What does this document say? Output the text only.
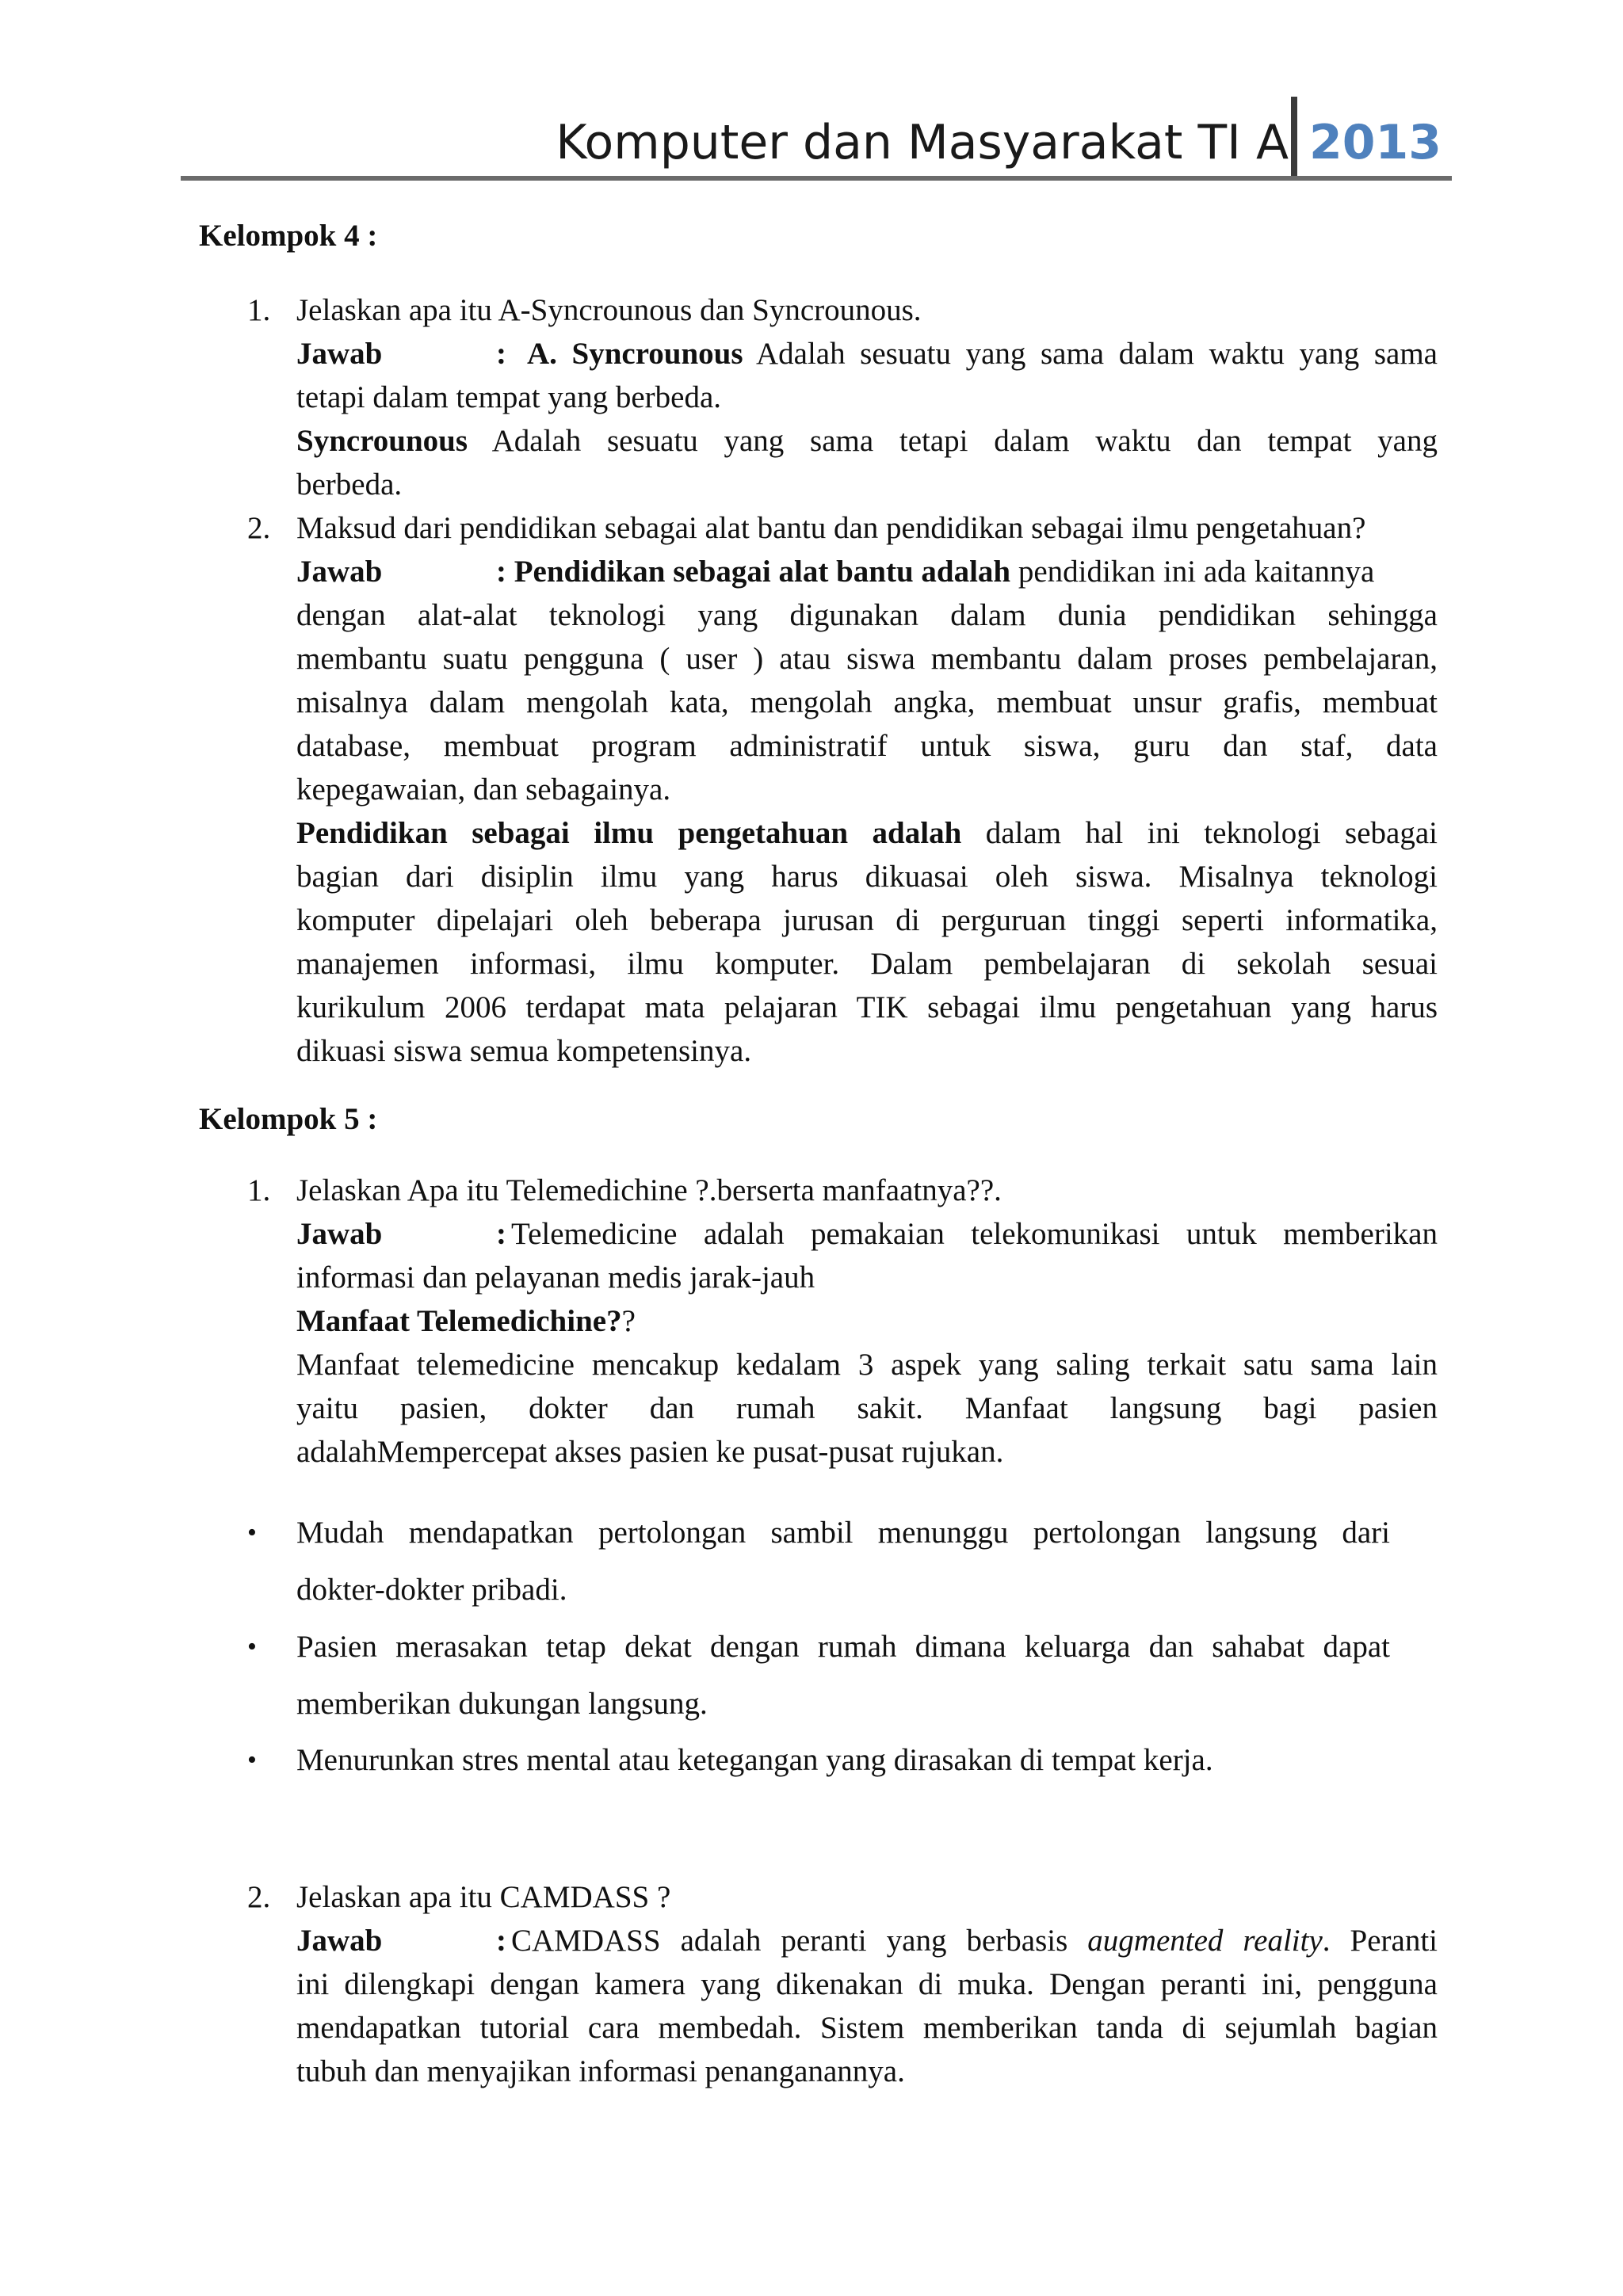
Komputer dan Masyarakat TI A 2013
Kelompok 4 :
1. Jelaskan apa itu A-Syncrounous dan Syncrounous.
Jawab	: A. Syncrounous Adalah sesuatu yang sama dalam waktu yang sama
tetapi dalam tempat yang berbeda.
Syncrounous Adalah sesuatu yang sama tetapi dalam waktu dan tempat yang
berbeda.
2. Maksud dari pendidikan sebagai alat bantu dan pendidikan sebagai ilmu pengetahuan?
Jawab	: Pendidikan sebagai alat bantu adalah pendidikan ini ada kaitannya
dengan alat-alat teknologi yang digunakan dalam dunia pendidikan sehingga
membantu suatu pengguna ( user ) atau siswa membantu dalam proses pembelajaran,
misalnya dalam mengolah kata, mengolah angka, membuat unsur grafis, membuat
database, membuat program administratif untuk siswa, guru dan staf, data
kepegawaian, dan sebagainya.
Pendidikan sebagai ilmu pengetahuan adalah dalam hal ini teknologi sebagai
bagian dari disiplin ilmu yang harus dikuasai oleh siswa. Misalnya teknologi
komputer dipelajari oleh beberapa jurusan di perguruan tinggi seperti informatika,
manajemen informasi, ilmu komputer. Dalam pembelajaran di sekolah sesuai
kurikulum 2006 terdapat mata pelajaran TIK sebagai ilmu pengetahuan yang harus
dikuasi siswa semua kompetensinya.
Kelompok 5 :
1. Jelaskan Apa itu Telemedichine ?.berserta manfaatnya??.
Jawab	: Telemedicine adalah pemakaian telekomunikasi untuk memberikan
informasi dan pelayanan medis jarak-jauh
Manfaat Telemedichine??
Manfaat telemedicine mencakup kedalam 3 aspek yang saling terkait satu sama lain
yaitu pasien, dokter dan rumah sakit. Manfaat langsung bagi pasien
adalahMempercepat akses pasien ke pusat-pusat rujukan.
• Mudah mendapatkan pertolongan sambil menunggu pertolongan langsung dari
dokter-dokter pribadi.
• Pasien merasakan tetap dekat dengan rumah dimana keluarga dan sahabat dapat
memberikan dukungan langsung.
• Menurunkan stres mental atau ketegangan yang dirasakan di tempat kerja.
2. Jelaskan apa itu CAMDASS ?
Jawab	: CAMDASS adalah peranti yang berbasis augmented reality. Peranti
ini dilengkapi dengan kamera yang dikenakan di muka. Dengan peranti ini, pengguna
mendapatkan tutorial cara membedah. Sistem memberikan tanda di sejumlah bagian
tubuh dan menyajikan informasi penanganannya.
